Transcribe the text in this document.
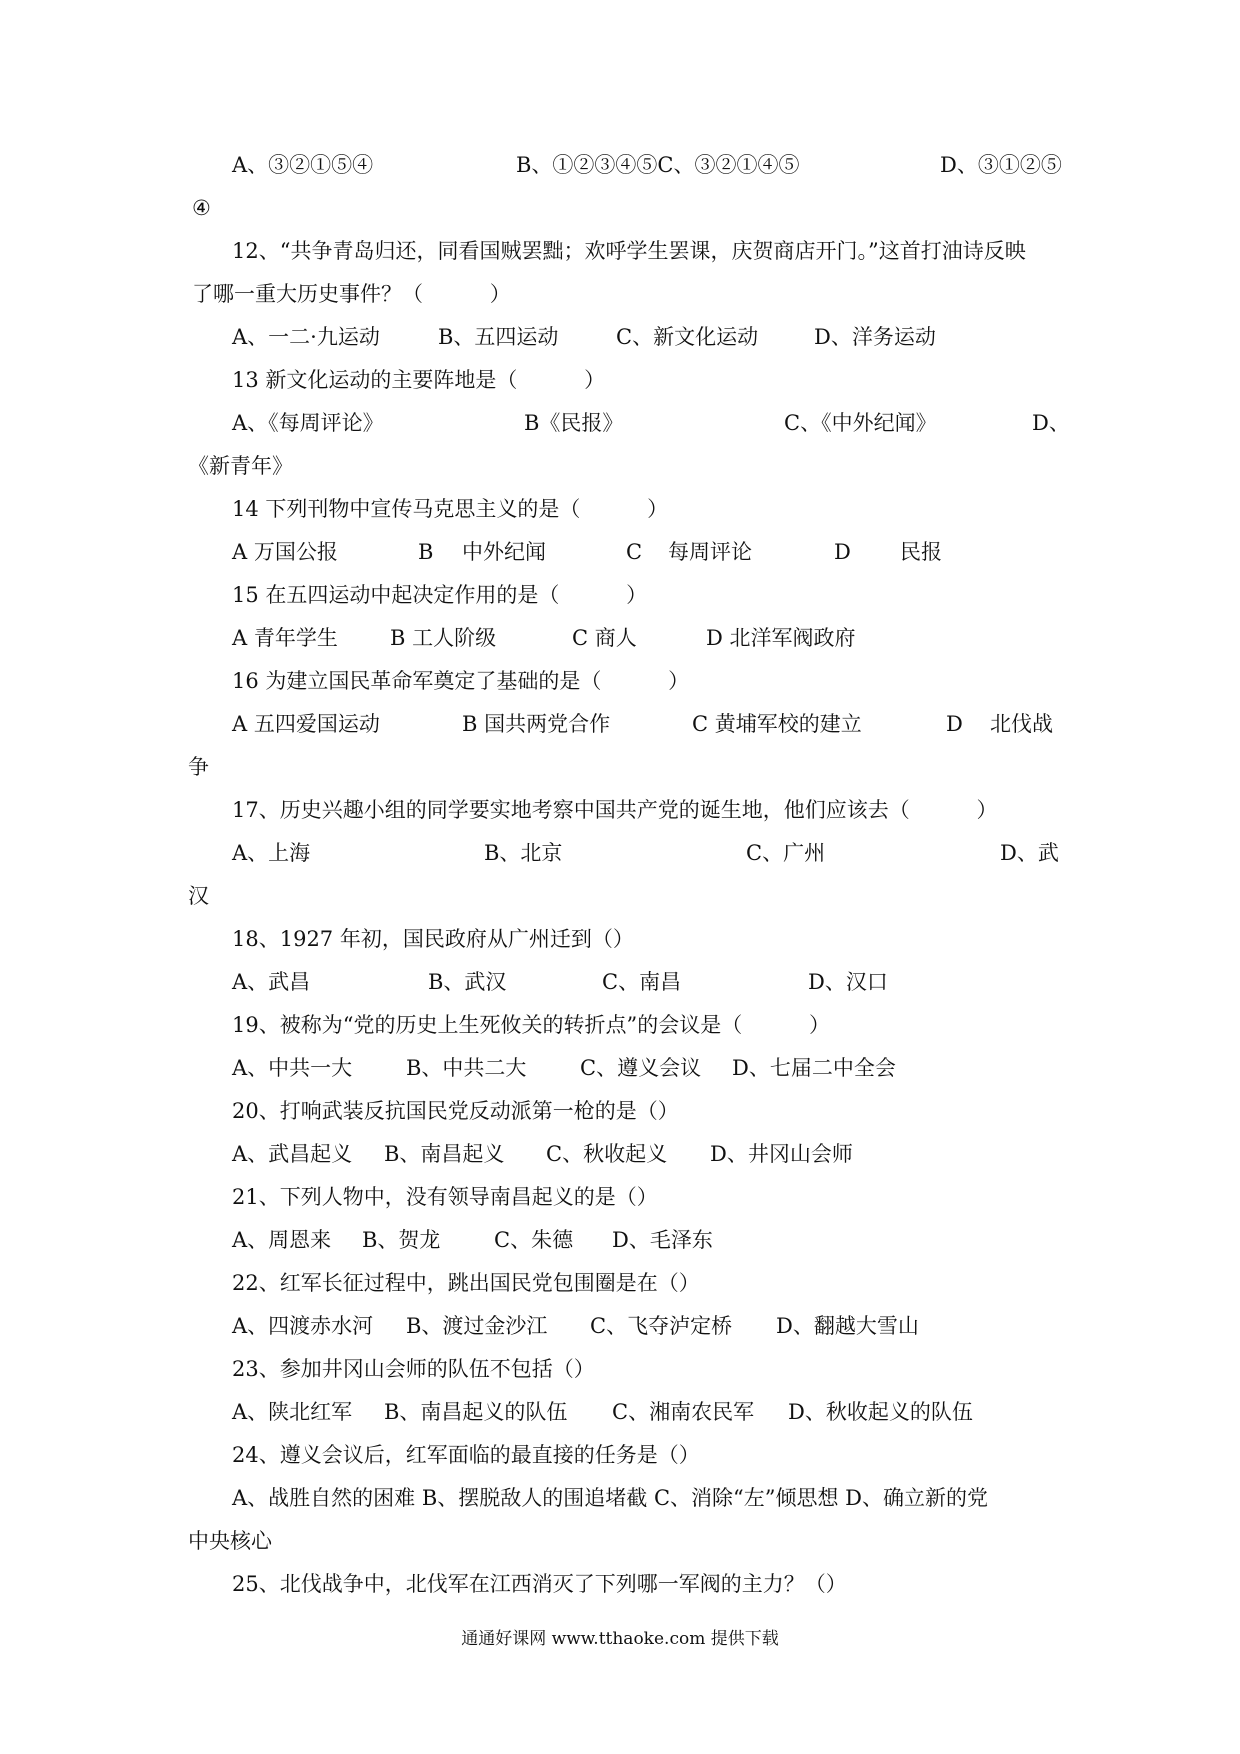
A、③②①⑤④

	B、①②③④⑤C、③②①④⑤

	D、③①②⑤

④

12、“共争青岛归还，同看国贼罢黜；欢呼学生罢课，庆贺商店开门。”这首打油诗反映

了哪一重大历史事件？（          ）

A、一二·九运动

	B、五四运动

	C、新文化运动

	D、洋务运动

13 新文化运动的主要阵地是（          ）

A、《每周评论》

	B《民报》

	C、《中外纪闻》

	D、

《新青年》

14 下列刊物中宣传马克思主义的是（          ）

A 万国公报

	B

中外纪闻

	C

每周评论

	D

民报

15 在五四运动中起决定作用的是（          ）

A 青年学生

B 工人阶级

	C 商人

	D 北洋军阀政府

16 为建立国民革命军奠定了基础的是（          ）

A 五四爱国运动

	B 国共两党合作

	C 黄埔军校的建立

	D

北伐战

争

17、历史兴趣小组的同学要实地考察中国共产党的诞生地，他们应该去（          ）

A、上海

	B、北京

	C、广州

	D、武

汉

18、1927 年初，国民政府从广州迁到（）

A、武昌

	B、武汉

	C、南昌

	D、汉口

19、被称为“党的历史上生死攸关的转折点”的会议是（          ）

A、中共一大

	B、中共二大

	C、遵义会议

D、七届二中全会

20、打响武装反抗国民党反动派第一枪的是（）

A、武昌起义

B、南昌起义

C、秋收起义

D、井冈山会师

21、下列人物中，没有领导南昌起义的是（）

A、周恩来

B、贺龙

	C、朱德

D、毛泽东

22、红军长征过程中，跳出国民党包围圈是在（）

A、四渡赤水河

B、渡过金沙江

C、飞夺泸定桥

D、翻越大雪山

23、参加井冈山会师的队伍不包括（）

A、陕北红军

B、南昌起义的队伍

C、湘南农民军

D、秋收起义的队伍

24、遵义会议后，红军面临的最直接的任务是（）

A、战胜自然的困难 B、摆脱敌人的围追堵截 C、消除“左”倾思想 D、确立新的党

中央核心

25、北伐战争中，北伐军在江西消灭了下列哪一军阀的主力？（）

通通好课网 www.tthaoke.com 提供下载
